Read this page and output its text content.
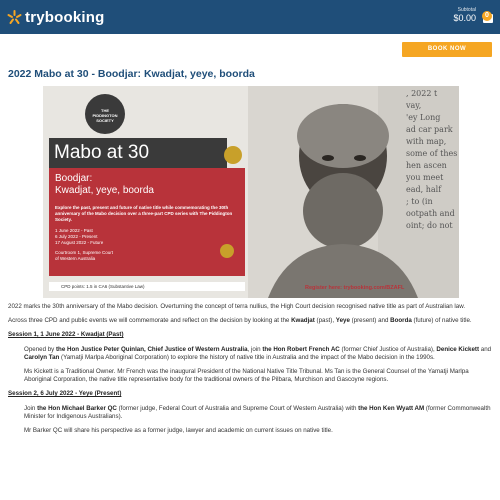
trybooking	Subtotal
$0.00	0
BOOK NOW
2022 Mabo at 30 - Boodjar: Kwadjat, yeye, boorda
, 2022 t
vay,
'ey Long
ad car park
with map,
some of thes
hen ascen
you meet
ead, half
; to (in
ootpath and
oint; do not
THE PIDDINGTON SOCIETY
Mabo at 30
Boodjar:
Kwadjat, yeye, boorda
Explore the past, present and future of native title while commemorating the 30th anniversary of the Mabo decision over a three-part CPD series with The Piddington Society.
1 June 2022 - Past
6 July 2022 - Present
17 August 2022 - Future
Courtroom 1, Supreme Court
of Western Australia
CPD points: 1.5 in CA6 (Substantive Law)	Register here: trybooking.com/BZAFL

2022 marks the 30th anniversary of the Mabo decision. Overturning the concept of terra nullius, the High Court decision recognised native title as part of Australian law.

Across three CPD and public events we will commemorate and reflect on the decision by looking at the Kwadjat (past), Yeye (present) and Boorda (future) of native title.

Session 1, 1 June 2022 - Kwadjat (Past)

Opened by the Hon Justice Peter Quinlan, Chief Justice of Western Australia, join the Hon Robert French AC (former Chief Justice of Australia), Denice Kickett and Carolyn Tan (Yamatji Marlpa Aboriginal Corporation) to explore the history of native title in Australia and the impact of the Mabo decision in the 1990s.

Ms Kickett is a Traditional Owner. Mr French was the inaugural President of the National Native Title Tribunal. Ms Tan is the General Counsel of the Yamatji Marlpa Aboriginal Corporation, the native title representative body for the traditional owners of the Pilbara, Murchison and Gascoyne regions.

Session 2, 6 July 2022 - Yeye (Present)

Join the Hon Michael Barker QC (former judge, Federal Court of Australia and Supreme Court of Western Australia) with the Hon Ken Wyatt AM (former Commonwealth Minister for Indigenous Australians).

Mr Barker QC will share his perspective as a former judge, lawyer and academic on current issues on native title.
